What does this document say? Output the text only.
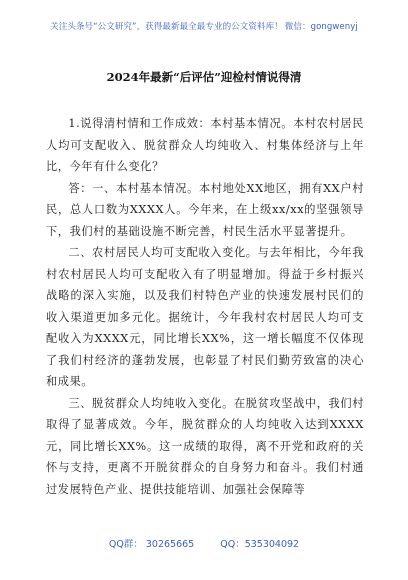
关注头条号“公文研究”，获得最新最全最专业的公文资料库！ 微信：gongwenyj
2024年最新“后评估”迎检村情说得清

1.说得清村情和工作成效：本村基本情况。本村农村居民人均可支配收入、脱贫群众人均纯收入、村集体经济与上年比，今年有什么变化？

答：一、本村基本情况。本村地处XX地区，拥有XX户村民，总人口数为XXXX人。今年来，在上级xx/xx的坚强领导下，我们村的基础设施不断完善，村民生活水平显著提升。

二、农村居民人均可支配收入变化。与去年相比，今年我村农村居民人均可支配收入有了明显增加。得益于乡村振兴战略的深入实施，以及我们村特色产业的快速发展村民们的收入渠道更加多元化。据统计，今年我村农村居民人均可支配收入为XXXX元，同比增长XX%，这一增长幅度不仅体现了我们村经济的蓬勃发展，也彰显了村民们勤劳致富的决心和成果。

三、脱贫群众人均纯收入变化。在脱贫攻坚战中，我们村取得了显著成效。今年，脱贫群众的人均纯收入达到XXXX元，同比增长XX%。这一成绩的取得，离不开党和政府的关怀与支持，更离不开脱贫群众的自身努力和奋斗。我们村通过发展特色产业、提供技能培训、加强社会保障等

QQ群： 30265665	QQ：535304092
